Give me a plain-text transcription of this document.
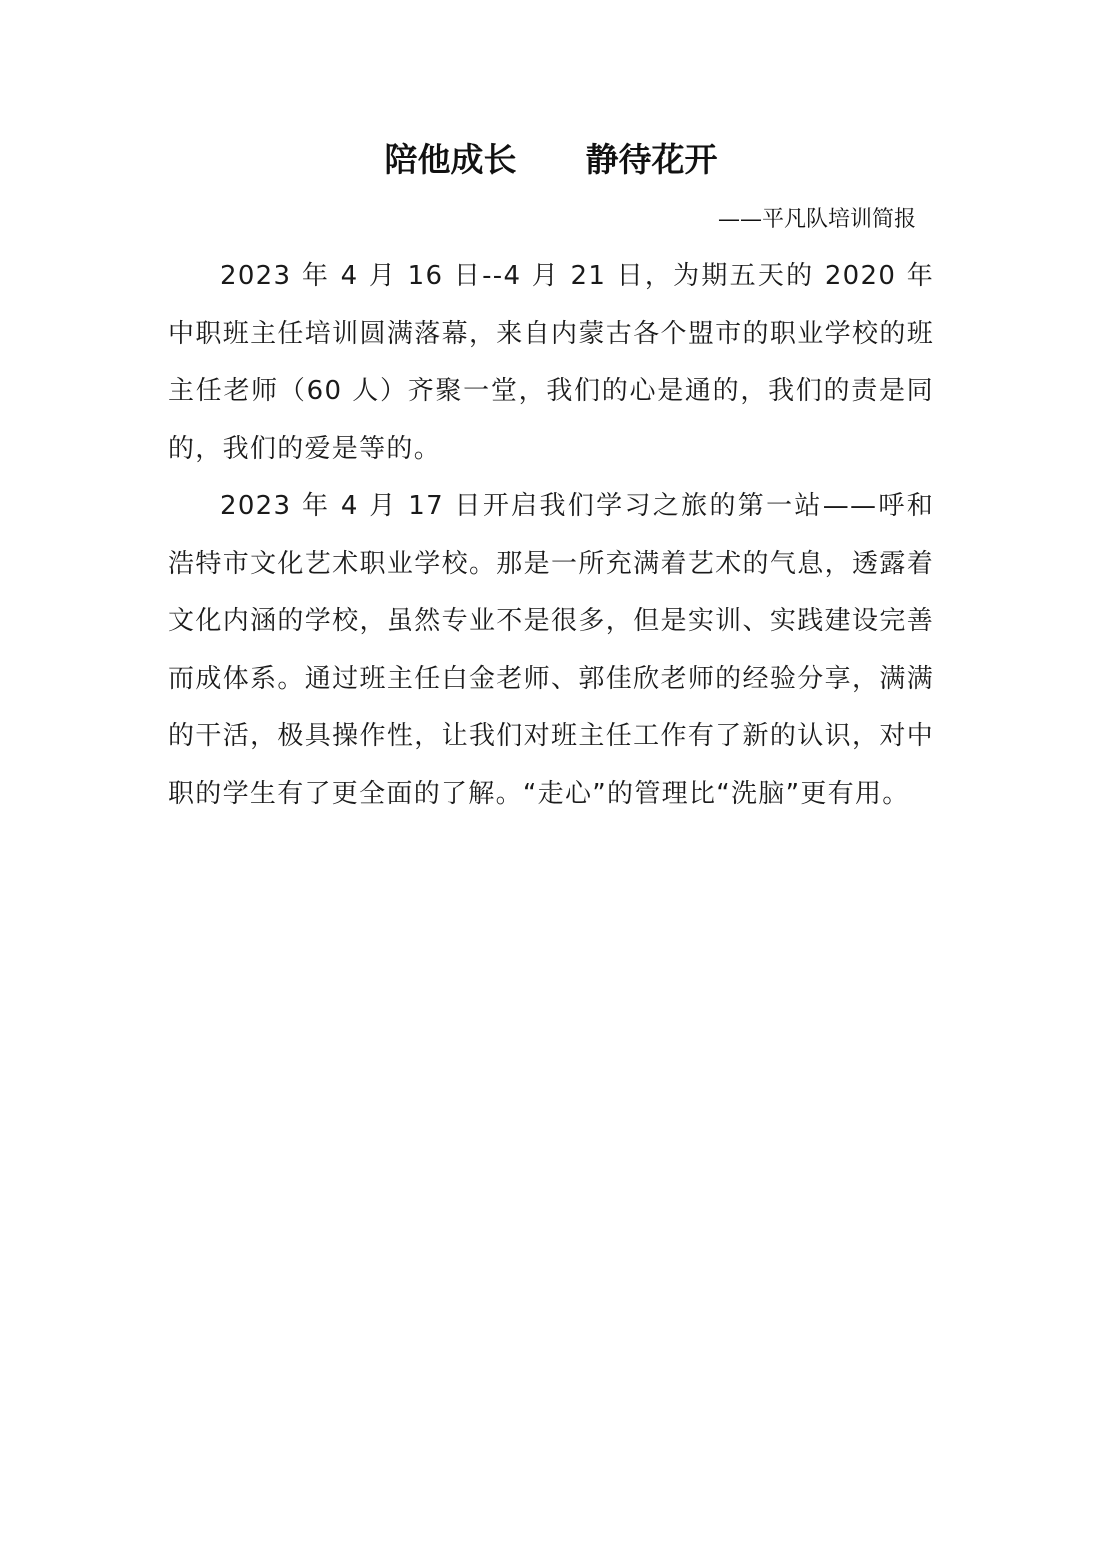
陪他成长      静待花开
——平凡队培训简报

2023 年 4 月 16 日--4 月 21 日，为期五天的 2020 年中职班主任培训圆满落幕，来自内蒙古各个盟市的职业学校的班主任老师（60 人）齐聚一堂，我们的心是通的，我们的责是同的，我们的爱是等的。

2023 年 4 月 17 日开启我们学习之旅的第一站——呼和浩特市文化艺术职业学校。那是一所充满着艺术的气息，透露着文化内涵的学校，虽然专业不是很多，但是实训、实践建设完善而成体系。通过班主任白金老师、郭佳欣老师的经验分享，满满的干活，极具操作性，让我们对班主任工作有了新的认识，对中职的学生有了更全面的了解。“走心”的管理比“洗脑”更有用。
